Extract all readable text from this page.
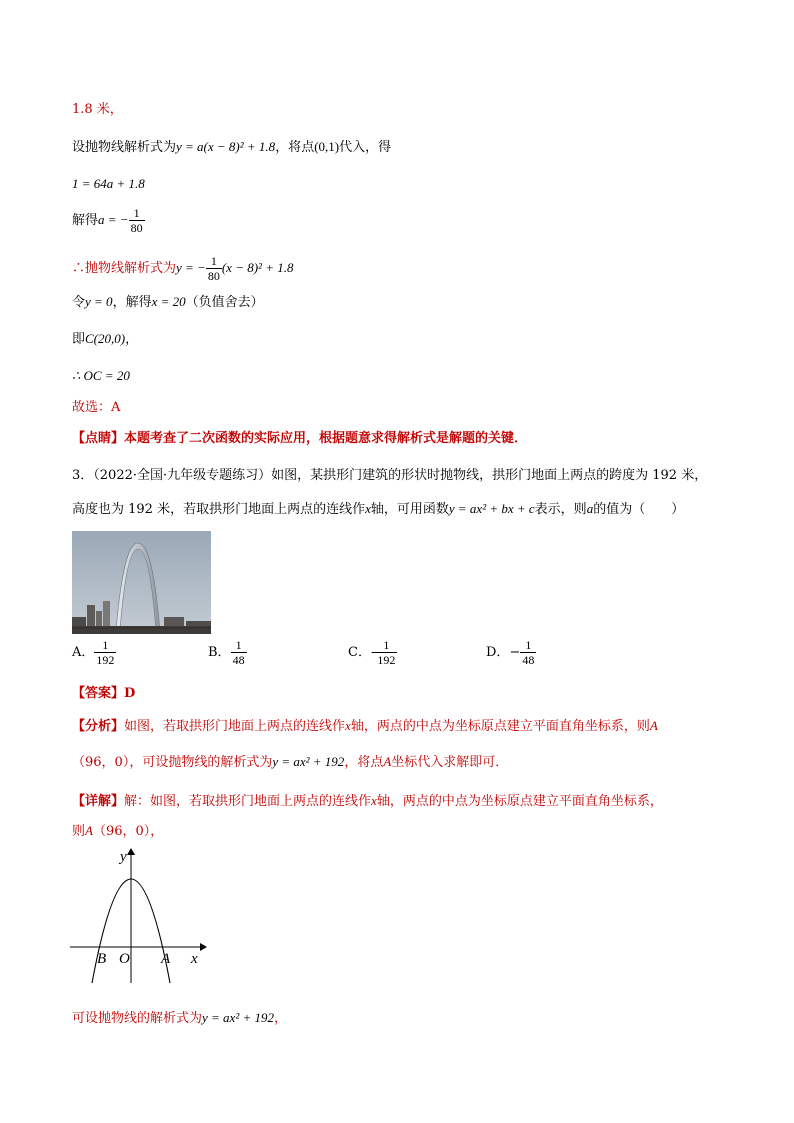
1.8 米，
设抛物线解析式为y = a(x − 8)² + 1.8，将点(0,1)代入，得
1 = 64a + 1.8
解得a = − $\frac{1}{80}$
∴抛物线解析式为y = − $\frac{1}{80} (x - 8)^2 + 1.8$
令y = 0，解得x = 20（负值舍去）
即C(20,0)，
∴ OC = 20
故选：A
【点睛】本题考查了二次函数的实际应用，根据题意求得解析式是解题的关键．
3．（2022·全国·九年级专题练习）如图，某拱形门建筑的形状时抛物线，拱形门地面上两点的跨度为 192 米，
高度也为 192 米，若取拱形门地面上两点的连线作x轴，可用函数y = ax² + bx + c表示，则a的值为（　　）
A． $\frac{1}{192}$	B． $\frac{1}{48}$	C．- $\frac{1}{192}$	D．− $\frac{1}{48}$
【答案】D
【分析】如图，若取拱形门地面上两点的连线作x轴，两点的中点为坐标原点建立平面直角坐标系，则A
（96，0），可设抛物线的解析式为y = ax² + 192，将点A坐标代入求解即可．
【详解】解：如图，若取拱形门地面上两点的连线作x轴，两点的中点为坐标原点建立平面直角坐标系，
则A（96，0），
y
x
B O A
可设抛物线的解析式为y = ax² + 192，
